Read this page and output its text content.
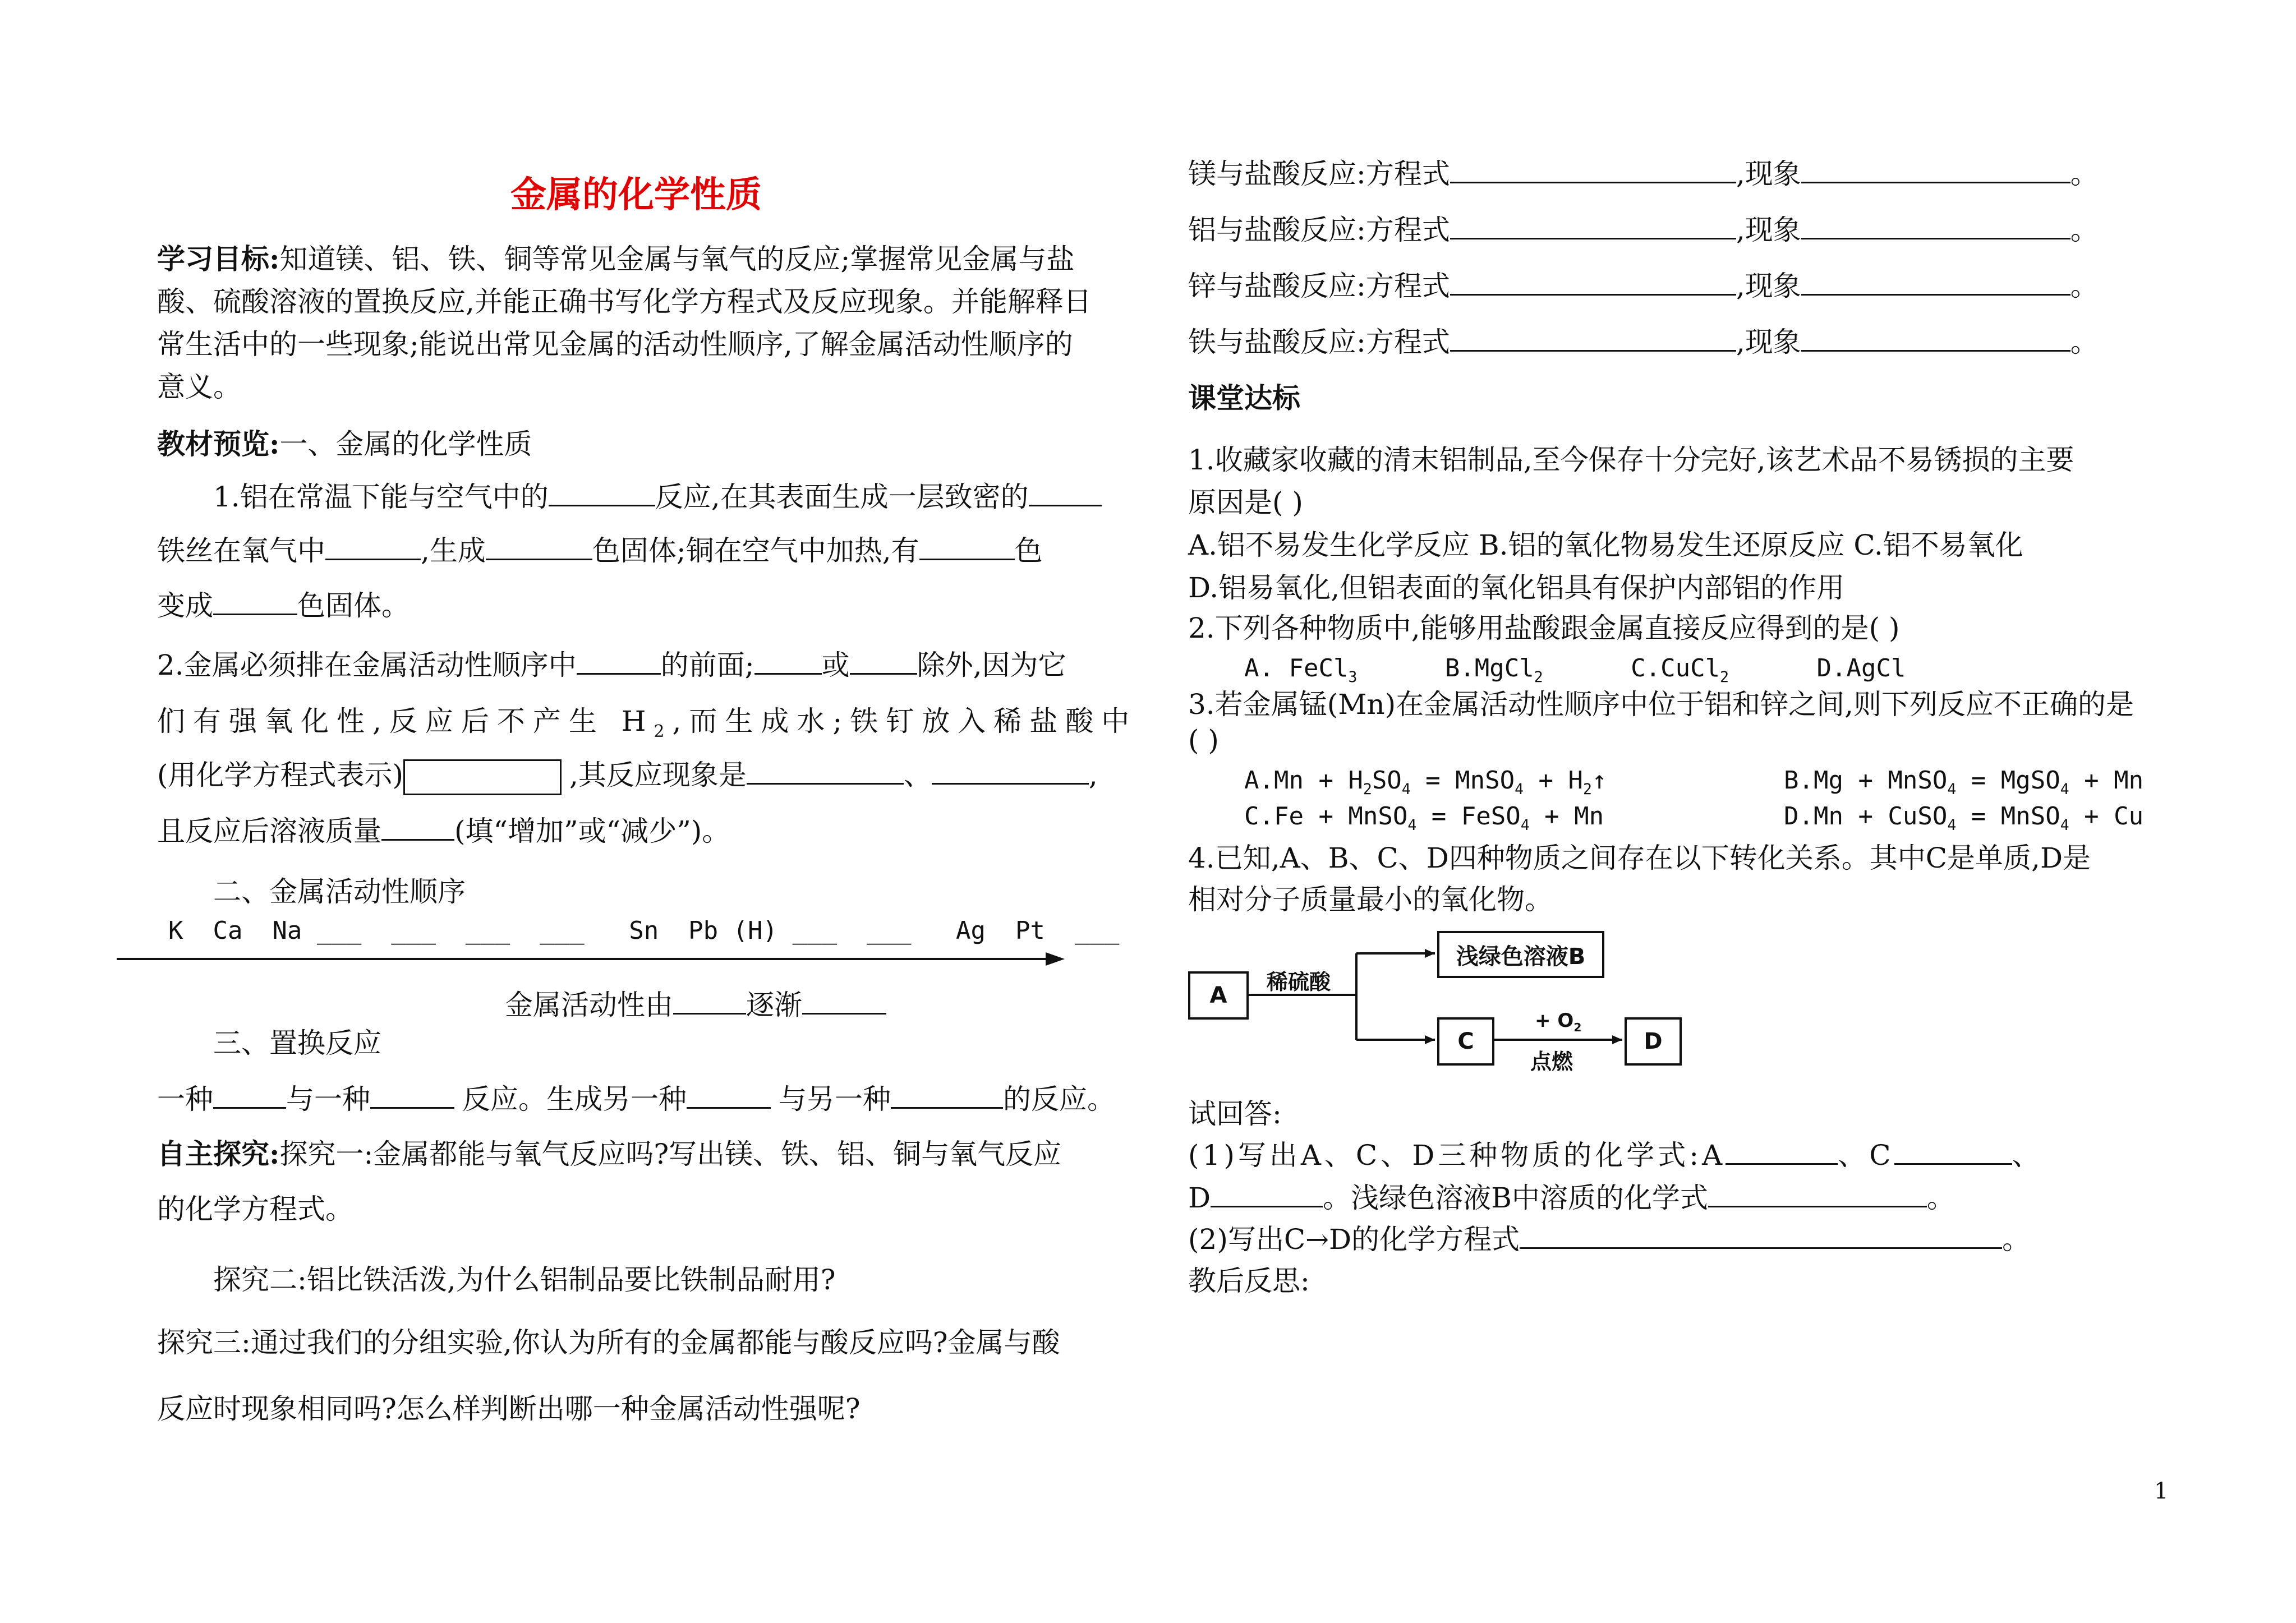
金属的化学性质
学习目标:知道镁、铝、铁、铜等常见金属与氧气的反应;掌握常见金属与盐
酸、硫酸溶液的置换反应,并能正确书写化学方程式及反应现象。并能解释日
常生活中的一些现象;能说出常见金属的活动性顺序,了解金属活动性顺序的
意义。
教材预览:一、金属的化学性质
1.铝在常温下能与空气中的	反应,在其表面生成一层致密的
铁丝在氧气中	,生成	色固体;铜在空气中加热,有	色
变成	色固体。
2.金属必须排在金属活动性顺序中	的前面; 或 除外,因为它
们有强氧化性,反应后不产生 $H_2$,而生成水;铁钉放入稀盐酸中
(用化学方程式表示)	,其反应现象是	、	,
且反应后溶液质量	(填“增加”或“减少”)。
二、金属活动性顺序
K  Ca  Na ___  ___  ___  ___   Sn  Pb (H) ___  ___   Ag  Pt  ___
金属活动性由	逐渐
三、置换反应
一种	与一种	反应。生成另一种	与另一种	的反应。
自主探究:探究一:金属都能与氧气反应吗?写出镁、铁、铝、铜与氧气反应
的化学方程式。
探究二:铝比铁活泼,为什么铝制品要比铁制品耐用?
探究三:通过我们的分组实验,你认为所有的金属都能与酸反应吗?金属与酸
反应时现象相同吗?怎么样判断出哪一种金属活动性强呢?
镁与盐酸反应:方程式	,现象	。
铝与盐酸反应:方程式	,现象	。
锌与盐酸反应:方程式	,现象	。
铁与盐酸反应:方程式	,现象	。
课堂达标
1.收藏家收藏的清末铝制品,至今保存十分完好,该艺术品不易锈损的主要
原因是( )
A.铝不易发生化学反应 B.铝的氧化物易发生还原反应 C.铝不易氧化
D.铝易氧化,但铝表面的氧化铝具有保护内部铝的作用
2.下列各种物质中,能够用盐酸跟金属直接反应得到的是( )
A. FeCl$_3$	B.MgCl$_2$	C.CuCl$_2$	D.AgCl
3.若金属锰(Mn)在金属活动性顺序中位于铝和锌之间,则下列反应不正确的是
( )
$A.Mn + H_2SO_4$ = MnSO$_4$ + $H_2↑$	B.Mg + MnSO$_4$ = MgSO$_4$ + Mn
C.Fe + MnSO$_4$ = FeSO$_4$ + Mn	D.Mn + CuSO$_4$ = MnSO$_4$ + Cu
4.已知,A、B、C、D四种物质之间存在以下转化关系。其中C是单质,D是
相对分子质量最小的氧化物。
A
浅绿色溶液B
C	D
稀硫酸
+ $O_2$
点燃
试回答:
(1)写出A、C、D三种物质的化学式:A	、C	、
D	。浅绿色溶液B中溶质的化学式	。
(2)写出C→D的化学方程式	。
教后反思:
1
